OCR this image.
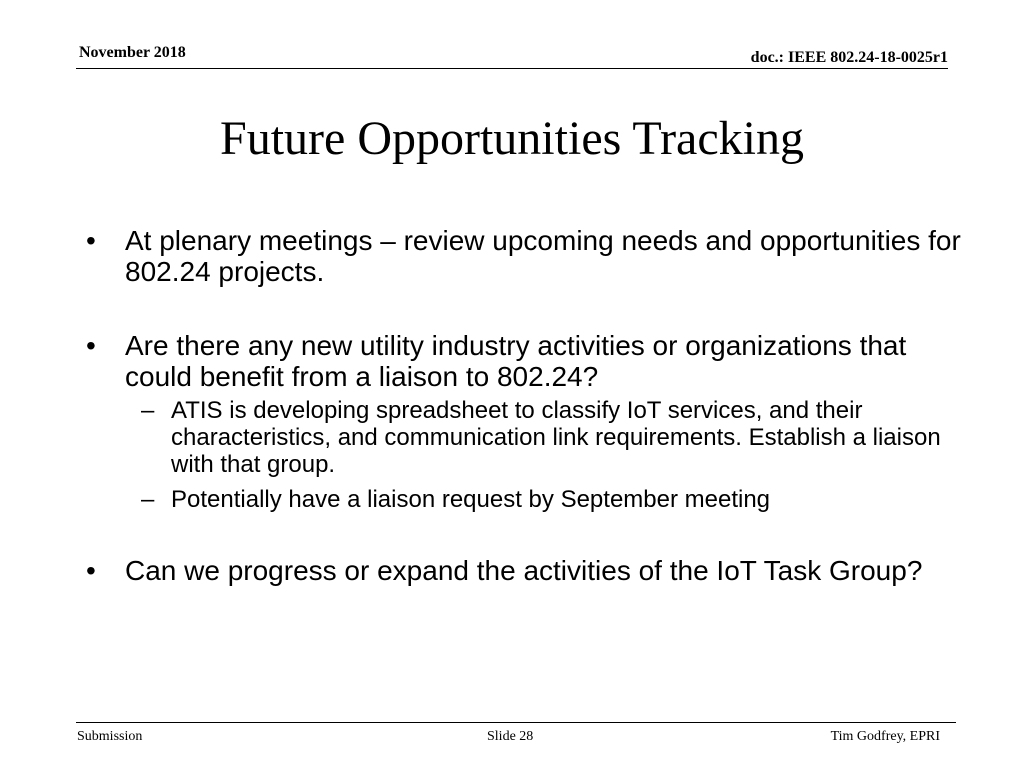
November 2018	doc.: IEEE 802.24-18-0025r1
Future Opportunities Tracking
• At plenary meetings – review upcoming needs and opportunities for 802.24 projects.
• Are there any new utility industry activities or organizations that could benefit from a liaison to 802.24?
– ATIS is developing spreadsheet to classify IoT services, and their characteristics, and communication link requirements. Establish a liaison with that group.
– Potentially have a liaison request by September meeting
• Can we progress or expand the activities of the IoT Task Group?
Submission	Slide 28	Tim Godfrey, EPRI
